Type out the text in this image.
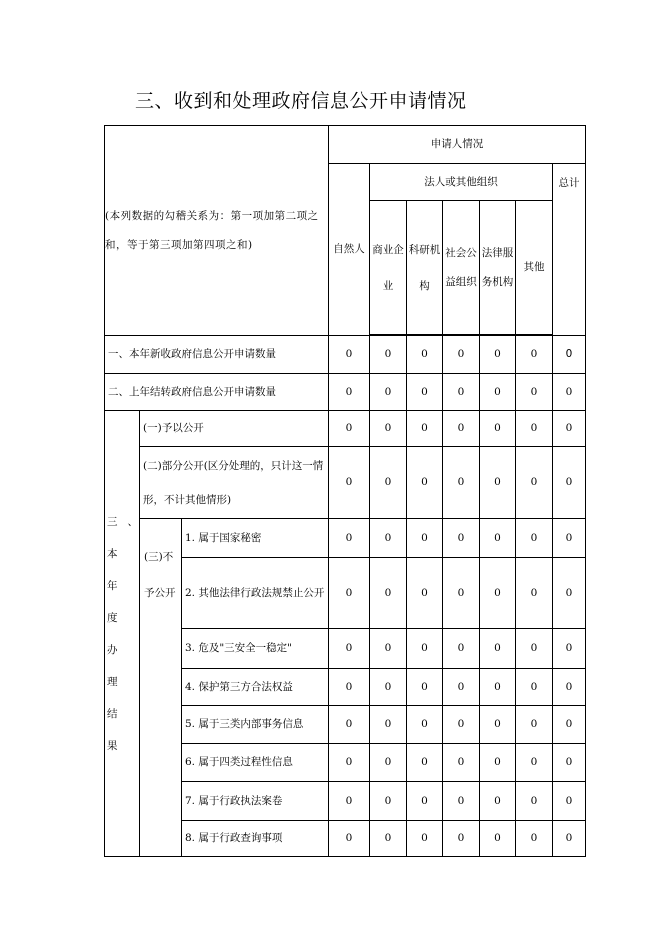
三、收到和处理政府信息公开申请情况
(本列数据的勾稽关系为：第一项加第二项之和，等于第三项加第四项之和)			申请人情况						
			自然人	法人或其他组织					总计
				商业企业	科研机构	社会公益组织	法律服务机构	其他	

一、本年新收政府信息公开申请数量			0	0	0	0	0	0	0
二、上年结转政府信息公开申请数量			0	0	0	0	0	0	0
三、本年度办理结果	(一)予以公开		0	0	0	0	0	0	0
	(二)部分公开(区分处理的，只计这一情形，不计其他情形)		0	0	0	0	0	0	0
	(三)不予公开	1. 属于国家秘密	0	0	0	0	0	0	0
		2. 其他法律行政法规禁止公开	0	0	0	0	0	0	0
		3. 危及"三安全一稳定"	0	0	0	0	0	0	0
		4. 保护第三方合法权益	0	0	0	0	0	0	0
		5. 属于三类内部事务信息	0	0	0	0	0	0	0
		6. 属于四类过程性信息	0	0	0	0	0	0	0
		7. 属于行政执法案卷	0	0	0	0	0	0	0
		8. 属于行政查询事项	0	0	0	0	0	0	0
